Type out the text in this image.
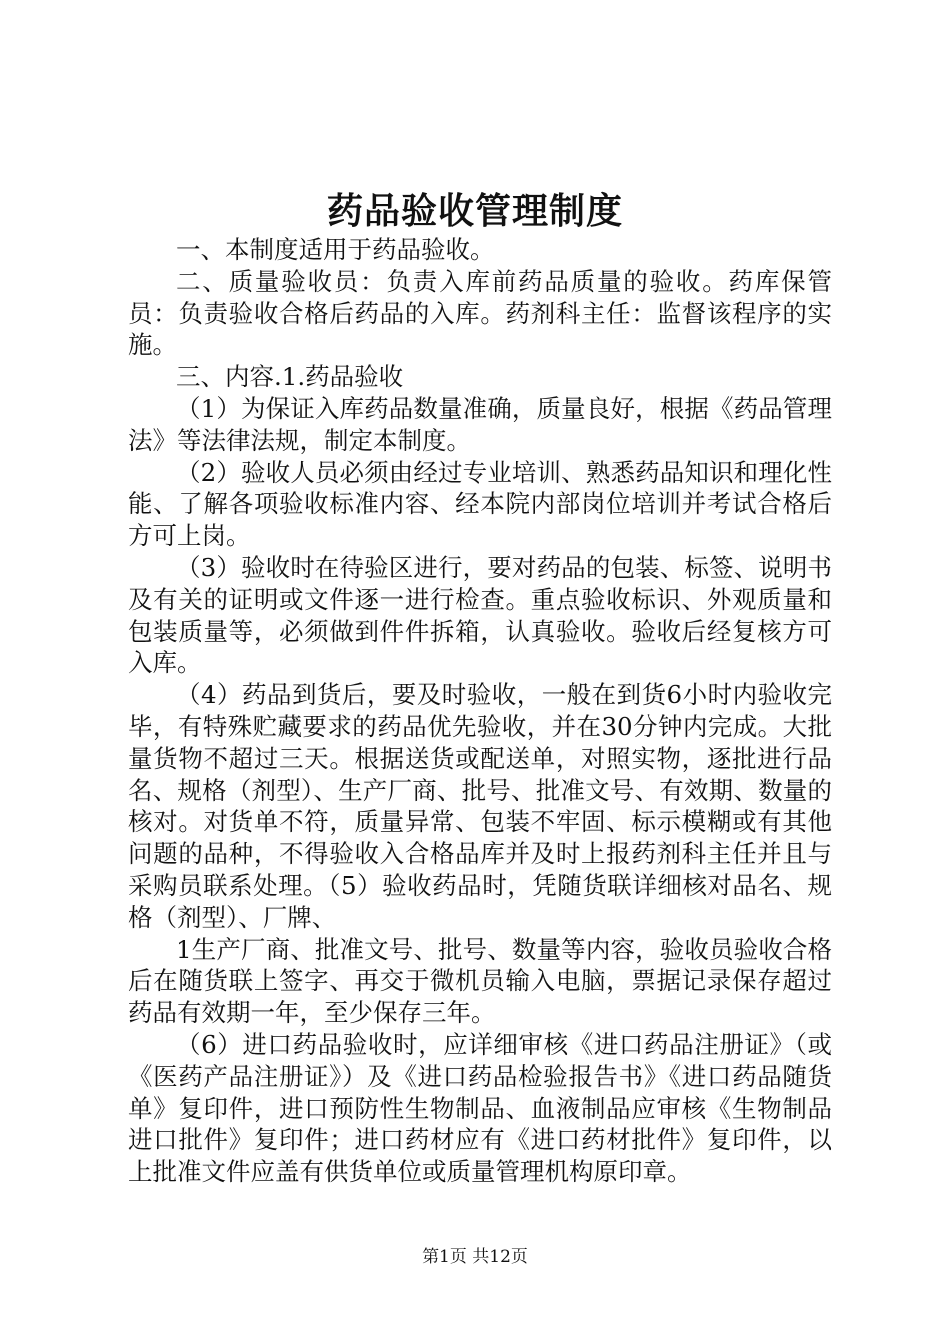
药品验收管理制度

一、本制度适用于药品验收。

二、质量验收员：负责入库前药品质量的验收。药库保管员：负责验收合格后药品的入库。药剂科主任：监督该程序的实施。

三、内容.1.药品验收

（1）为保证入库药品数量准确，质量良好，根据《药品管理法》等法律法规，制定本制度。

（2）验收人员必须由经过专业培训、熟悉药品知识和理化性能、了解各项验收标准内容、经本院内部岗位培训并考试合格后方可上岗。

（3）验收时在待验区进行，要对药品的包装、标签、说明书及有关的证明或文件逐一进行检查。重点验收标识、外观质量和包装质量等，必须做到件件拆箱，认真验收。验收后经复核方可入库。

（4）药品到货后，要及时验收，一般在到货6小时内验收完毕，有特殊贮藏要求的药品优先验收，并在30分钟内完成。大批量货物不超过三天。根据送货或配送单，对照实物，逐批进行品名、规格（剂型）、生产厂商、批号、批准文号、有效期、数量的核对。对货单不符，质量异常、包装不牢固、标示模糊或有其他问题的品种，不得验收入合格品库并及时上报药剂科主任并且与采购员联系处理。（5）验收药品时，凭随货联详细核对品名、规格（剂型）、厂牌、

1生产厂商、批准文号、批号、数量等内容，验收员验收合格后在随货联上签字、再交于微机员输入电脑，票据记录保存超过药品有效期一年，至少保存三年。

（6）进口药品验收时，应详细审核《进口药品注册证》（或《医药产品注册证》）及《进口药品检验报告书》《进口药品随货单》复印件，进口预防性生物制品、血液制品应审核《生物制品进口批件》复印件；进口药材应有《进口药材批件》复印件，以上批准文件应盖有供货单位或质量管理机构原印章。

第1页 共12页
